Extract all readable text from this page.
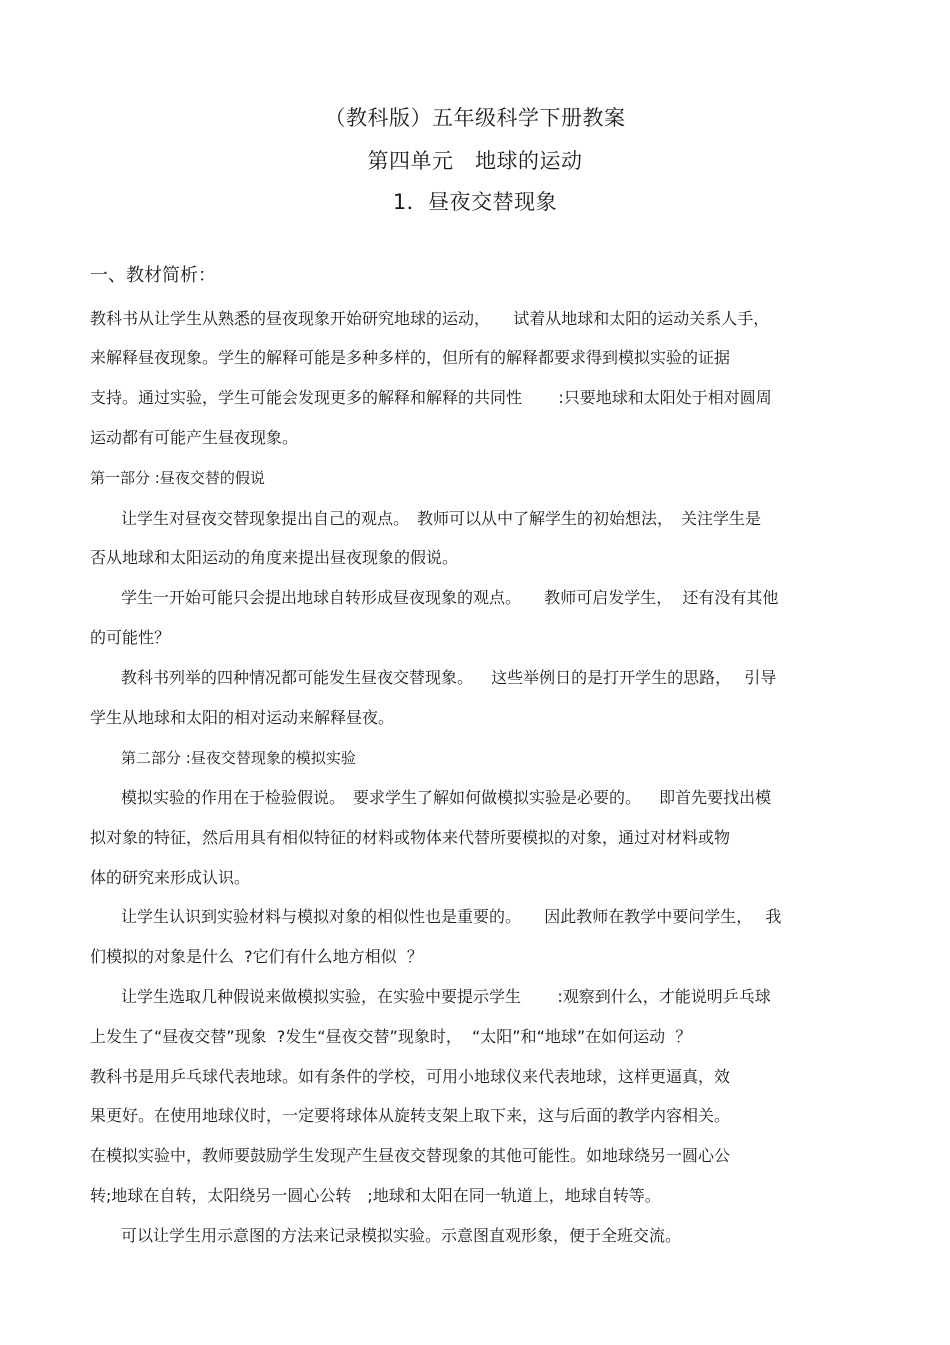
（教科版）五年级科学下册教案
第四单元　地球的运动
1．昼夜交替现象
一、教材简析：
教科书从让学生从熟悉的昼夜现象开始研究地球的运动，　   试着从地球和太阳的运动关系人手，
来解释昼夜现象。学生的解释可能是多种多样的，但所有的解释都要求得到模拟实验的证据
支持。通过实验，学生可能会发现更多的解释和解释的共同性　    :只要地球和太阳处于相对圆周
运动都有可能产生昼夜现象。
第一部分 :昼夜交替的假说
让学生对昼夜交替现象提出自己的观点。　教师可以从中了解学生的初始想法，　关注学生是
否从地球和太阳运动的角度来提出昼夜现象的假说。
学生一开始可能只会提出地球自转形成昼夜现象的观点。　   教师可启发学生，  还有没有其他
的可能性？
教科书列举的四种情况都可能发生昼夜交替现象。　  这些举例日的是打开学生的思路，　 引导
学生从地球和太阳的相对运动来解释昼夜。
第二部分 :昼夜交替现象的模拟实验
模拟实验的作用在于检验假说。　要求学生了解如何做模拟实验是必要的。　  即首先要找出模
拟对象的特征，然后用具有相似特征的材料或物体来代替所要模拟的对象，通过对材料或物
体的研究来形成认识。
让学生认识到实验材料与模拟对象的相似性也是重要的。　   因此教师在教学中要问学生，　 我
们模拟的对象是什么  ?它们有什么地方相似  ？
让学生选取几种假说来做模拟实验，在实验中要提示学生　    :观察到什么，才能说明乒乓球
上发生了“昼夜交替”现象  ?发生“昼夜交替”现象时，  “太阳”和“地球”在如何运动  ？
教科书是用乒乓球代表地球。如有条件的学校，可用小地球仪来代表地球，这样更逼真，效
果更好。在使用地球仪时，一定要将球体从旋转支架上取下来，这与后面的教学内容相关。
在模拟实验中，教师要鼓励学生发现产生昼夜交替现象的其他可能性。如地球绕另一圆心公
转;地球在自转，太阳绕另一圆心公转　;地球和太阳在同一轨道上，地球自转等。
可以让学生用示意图的方法来记录模拟实验。示意图直观形象，便于全班交流。
